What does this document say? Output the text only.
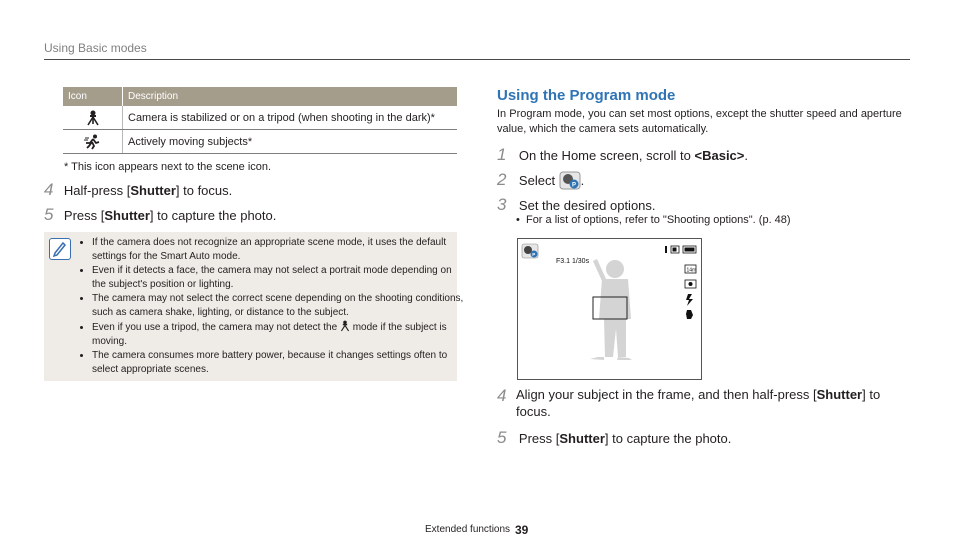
Using Basic modes
Icon	Description

	Camera is stabilized or on a tripod (when shooting in the dark)*

	Actively moving subjects*
* This icon appears next to the scene icon.
4 Half-press [Shutter] to focus.
5 Press [Shutter] to capture the photo.
• If the camera does not recognize an appropriate scene mode, it uses the default settings for the Smart Auto mode.
• Even if it detects a face, the camera may not select a portrait mode depending on the subject's position or lighting.
• The camera may not select the correct scene depending on the shooting conditions, such as camera shake, lighting, or distance to the subject.
• Even if you use a tripod, the camera may not detect the mode if the subject is moving.
• The camera consumes more battery power, because it changes settings often to select appropriate scenes.
Using the Program mode
In Program mode, you can set most options, except the shutter speed and aperture value, which the camera sets automatically.
1 On the Home screen, scroll to <Basic>.
2 Select P .
3 Set the desired options.
•  For a list of options, refer to "Shooting options". (p. 48)
P
F3.1 1/30s
14m
4 Align your subject in the frame, and then half-press [Shutter] to focus.
5 Press [Shutter] to capture the photo.
Extended functions 39
